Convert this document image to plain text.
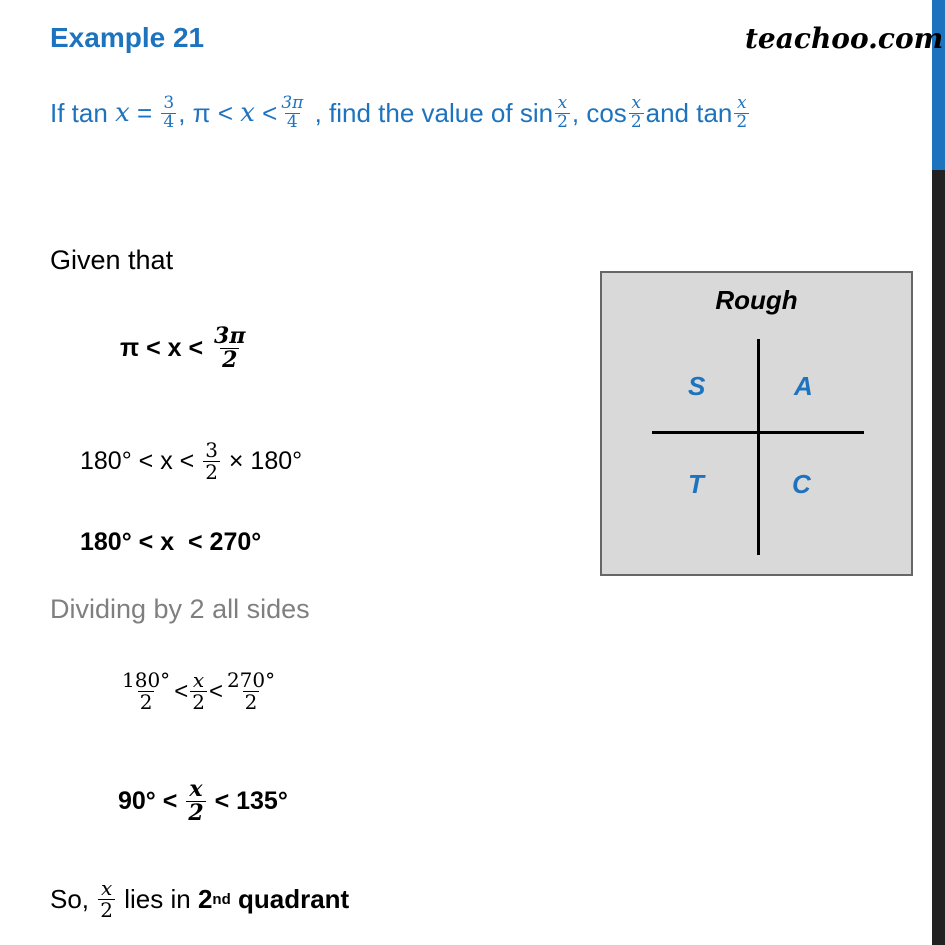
Example 21	teachoo.com
If tan
x
=
$\frac{3}{4}$ , π <
x
< $\frac{3\pi}{4}$
, find the value of $\sin \frac{x}{2}$ , $\cos \frac{x}{2}$ and $\tan \frac{x}{2}$
Given that
π < x <
$\frac{3\pi}{2}$
180° < x <
$\frac{3}{2}$
× 180°
180° < x  < 270°
Dividing by 2 all sides
$\frac{180^\circ}{2} < \frac{x}{2} < \frac{270^\circ}{2}$
90° <
$\frac{x}{2}$
< 135°
So,
$\frac{x}{2}$
lies in
2 nd
quadrant
Rough
S	A
T	C
